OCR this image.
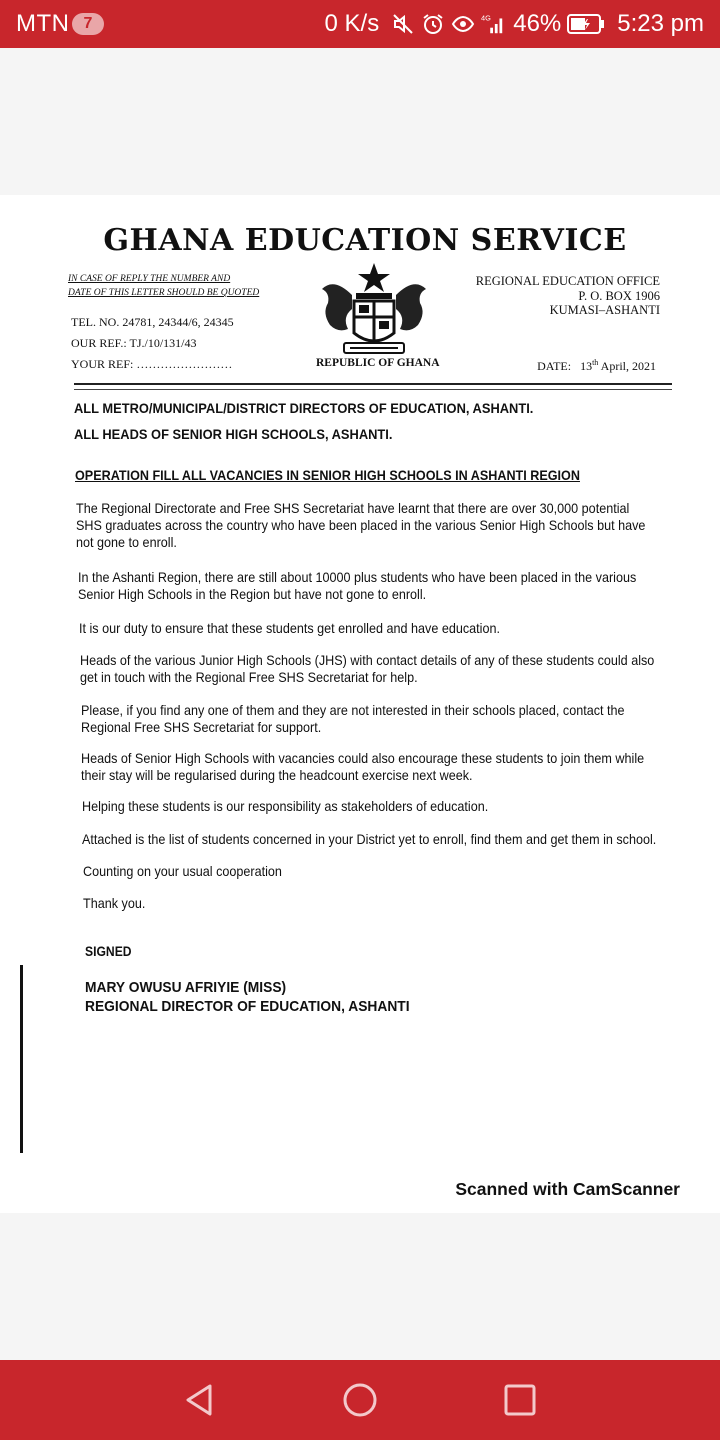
MTN 7	0 K/s	4G 46% 5:23 pm
GHANA EDUCATION SERVICE
IN CASE OF REPLY THE NUMBER AND
DATE OF THIS LETTER SHOULD BE QUOTED
TEL. NO. 24781, 24344/6, 24345
OUR REF.: TJ./10/131/43
YOUR REF: ……………………	REPUBLIC OF GHANA
REGIONAL EDUCATION OFFICE
P. O. BOX 1906
KUMASI–ASHANTI
DATE: 13th April, 2021
ALL METRO/MUNICIPAL/DISTRICT DIRECTORS OF EDUCATION, ASHANTI.
ALL HEADS OF SENIOR HIGH SCHOOLS, ASHANTI.
OPERATION FILL ALL VACANCIES IN SENIOR HIGH SCHOOLS IN ASHANTI REGION
The Regional Directorate and Free SHS Secretariat have learnt that there are over 30,000 potential SHS graduates across the country who have been placed in the various Senior High Schools but have not gone to enroll.
In the Ashanti Region, there are still about 10000 plus students who have been placed in the various Senior High Schools in the Region but have not gone to enroll.
It is our duty to ensure that these students get enrolled and have education.
Heads of the various Junior High Schools (JHS) with contact details of any of these students could also get in touch with the Regional Free SHS Secretariat for help.
Please, if you find any one of them and they are not interested in their schools placed, contact the Regional Free SHS Secretariat for support.
Heads of Senior High Schools with vacancies could also encourage these students to join them while their stay will be regularised during the headcount exercise next week.
Helping these students is our responsibility as stakeholders of education.
Attached is the list of students concerned in your District yet to enroll, find them and get them in school.
Counting on your usual cooperation
Thank you.
SIGNED
MARY OWUSU AFRIYIE (MISS)
REGIONAL DIRECTOR OF EDUCATION, ASHANTI
Scanned with CamScanner
